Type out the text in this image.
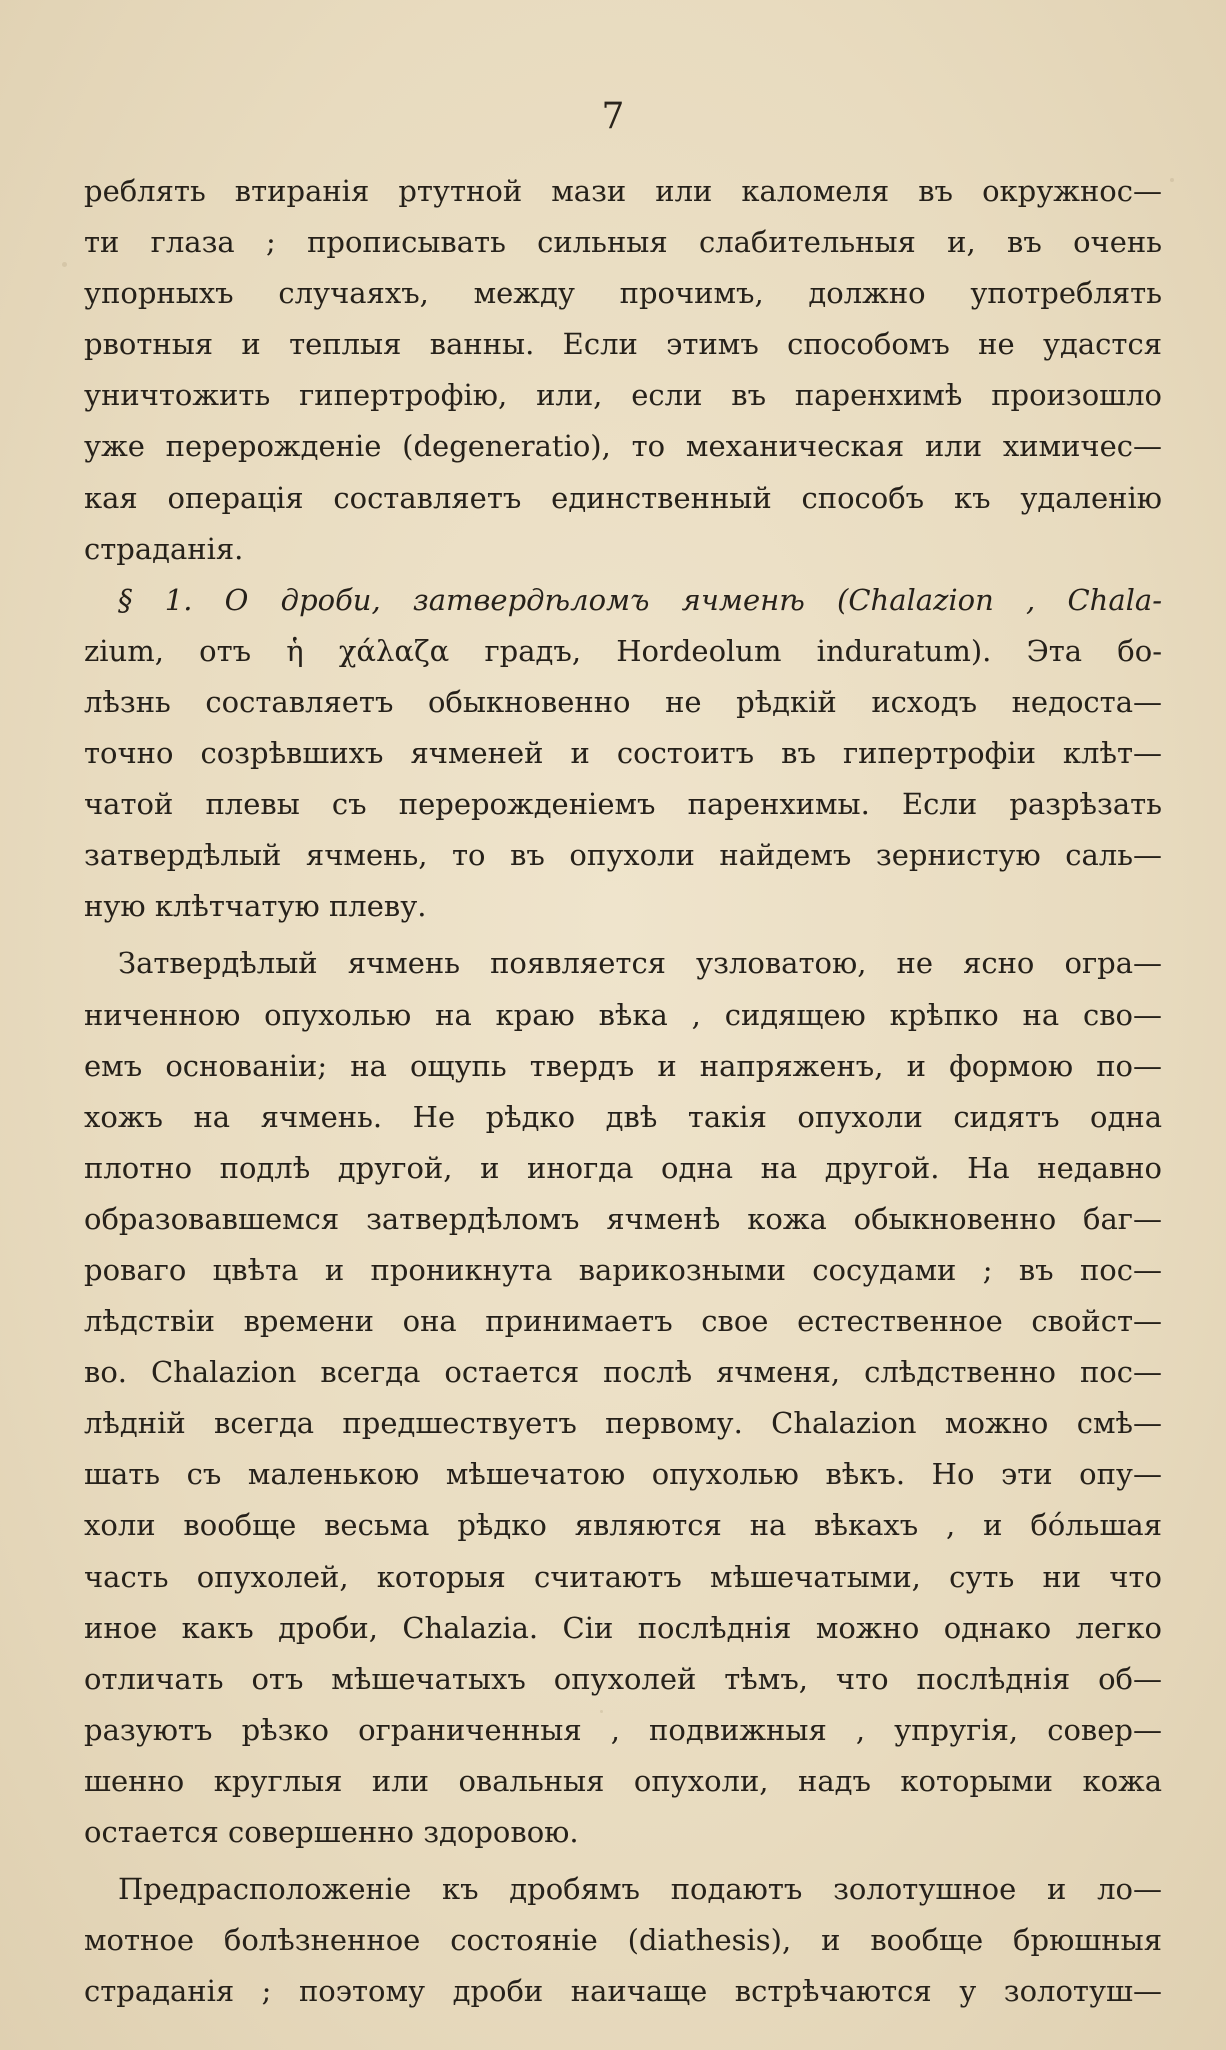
7
реблять втиранія ртутной мази или каломеля въ окружнос—
ти глаза ; прописывать сильныя слабительныя и, въ очень
упорныхъ случаяхъ, между прочимъ, должно употреблять
рвотныя и теплыя ванны. Если этимъ способомъ не удастся
уничтожить гипертрофію, или, если въ паренхимѣ произошло
уже перерожденіе (degeneratio), то механическая или химичес—
кая операція составляетъ единственный способъ къ удаленію
страданія.
§ 1. О дроби, затвердѣломъ ячменѣ (Chalazion , Chala-
zium, отъ ἡ χάλαζα градъ, Hordeolum induratum). Эта бо-
лѣзнь составляетъ обыкновенно не рѣдкій исходъ недоста—
точно созрѣвшихъ ячменей и состоитъ въ гипертрофіи клѣт—
чатой плевы съ перерожденіемъ паренхимы. Если разрѣзать
затвердѣлый ячмень, то въ опухоли найдемъ зернистую саль—
ную клѣтчатую плеву.
Затвердѣлый ячмень появляется узловатою, не ясно огра—
ниченною опухолью на краю вѣка , сидящею крѣпко на сво—
емъ основаніи; на ощупь твердъ и напряженъ, и формою по—
хожъ на ячмень. Не рѣдко двѣ такія опухоли сидятъ одна
плотно подлѣ другой, и иногда одна на другой. На недавно
образовавшемся затвердѣломъ ячменѣ кожа обыкновенно баг—
роваго цвѣта и проникнута варикозными сосудами ; въ пос—
лѣдствіи времени она принимаетъ свое естественное свойст—
во. Chalazion всегда остается послѣ ячменя, слѣдственно пос—
лѣдній всегда предшествуетъ первому. Chalazion можно смѣ—
шать съ маленькою мѣшечатою опухолью вѣкъ. Но эти опу—
холи вообще весьма рѣдко являются на вѣкахъ , и бо́льшая
часть опухолей, которыя считаютъ мѣшечатыми, суть ни что
иное какъ дроби, Chalazia. Сіи послѣднія можно однако легко
отличать отъ мѣшечатыхъ опухолей тѣмъ, что послѣднія об—
разуютъ рѣзко ограниченныя , подвижныя , упругія, совер—
шенно круглыя или овальныя опухоли, надъ которыми кожа
остается совершенно здоровою.
Предрасположеніе къ дробямъ подаютъ золотушное и ло—
мотное болѣзненное состояніе (diathesis), и вообще брюшныя
страданія ; поэтому дроби наичаще встрѣчаются у золотуш—
